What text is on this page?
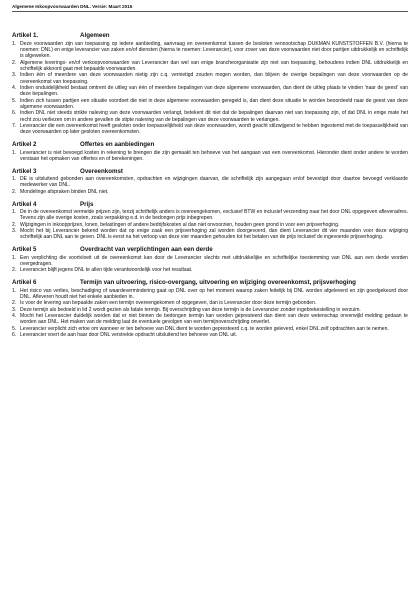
Algemene Inkoopvoorwaarden DNL. Versie: Maart 2016
Artikel 1.	Algemeen
1. Deze voorwaarden zijn van toepassing op iedere aanbieding, aanvraag en overeenkomst tussen de besloten vennootschap DUKMAN KUNSTSTOFFEN B.V. (hierna te noemen: DNL) en enige leverancier van zaken en/of diensten (hierna te noemen: Leverancier), voor zover van deze voorwaarden niet door partijen uitdrukkelijk en schriftelijk is afgeweken.
2. Algemene leverings- en/of verkoopvoorwaarden van Leverancier dan wel van enige brancheorganisatie zijn niet van toepassing, behoudens indien DNL uitdrukkelijk en schriftelijk akkoord gaat met bepaalde voorwaarden.
3. Indien één of meerdere van deze voorwaarden nietig zijn c.q. vernietigd zouden mogen worden, dan blijven de overige bepalingen van deze voorwaarden op de overeenkomst van toepassing.
4. Indien onduidelijkheid bestaat omtrent de uitleg van één of meerdere bepalingen van deze algemene voorwaarden, dan dient de uitleg plaats te vinden 'naar de geest' van deze bepalingen.
5. Indien zich tussen partijen een situatie voordoet die niet in deze algemene voorwaarden geregeld is, dan dient deze situatie te worden beoordeeld naar de geest van deze algemene voorwaarden.
6. Indien DNL niet steeds strikte naleving van deze voorwaarden verlangt, betekent dit niet dat de bepalingen daarvan niet van toepassing zijn, of dat DNL in enige mate het recht zou verliezen om in andere gevallen de stipte naleving van de bepalingen van deze voorwaarden te verlangen.
7. Leverancier die een overeenkomst heeft gesloten onder toepasselijkheid van deze voorwaarden, wordt geacht stilzwijgend te hebben ingestemd met de toepasselijkheid van deze voorwaarden op later gesloten overeenkomsten.
Artikel 2	Offertes en aanbiedingen
1. Leverancier is niet bevoegd kosten in rekening te brengen die zijn gemaakt ten behoeve van het aangaan van een overeenkomst. Hieronder dient onder andere te worden verstaan het opmaken van offertes en of berekeningen.
Artikel 3	Overeenkomst
1. DE is uitsluitend gebonden aan overeenkomsten, opdrachten en wijzigingen daarvan, die schriftelijk zijn aangegaan en/of bevestigd door daartoe bevoegd verklaarde medewerker van DNL.
2. Mondelinge afspraken binden DNL niet.
Artikel 4	Prijs
1. De in de overeenkomst vermelde prijzen zijn, tenzij schriftelijk anders is overeengekomen, exclusief BTW en inclusief verzending naar het door DNL opgegeven afleveradres. Tevens zijn alle overige kosten, zoals verpakking e.d. in de bedongen prijs inbegrepen.
2. Wijzigingen in inkoopprijzen, lonen, belastingen of andere bedrijfskosten al dan niet onvoorzien, houden geen grond in voor een prijsverhoging.
3. Mocht het bij Leverancier bekend worden dat op enige zaak een prijsverhoging zal worden doorgevoerd, dan dient Leverancier dit vier maanden voor deze wijziging schriftelijk aan DNL aan te geven. DNL is eerst na het verloop van deze vier maanden gehouden tot het betalen van de prijs inclusief de ingevoerde prijsverhoging.
Artikel 5	Overdracht van verplichtingen aan een derde
1. Een verplichting die voortvloeit uit de overeenkomst kan door de Leverancier slechts met uitdrukkelijke en schriftelijke toestemming van DNL aan een derde worden overgedragen.
2. Leverancier blijft jegens DNL te allen tijde verantwoordelijk voor het resultaat.
Artikel 6	Termijn van uitvoering, risico-overgang, uitvoering en wijziging overeenkomst, prijsverhoging
1. Het risico van verlies, beschadiging of waardevermindering gaat op DNL over op het moment waarop zaken feitelijk bij DNL worden afgeleverd en zijn goedgekeurd door DNL. Afleveren houdt niet het enkele aanbieden in.
2. Is voor de levering van bepaalde zaken een termijn overeengekomen of opgegeven, dan is Leverancier door deze termijn gebonden.
3. Deze termijn als bedoeld in lid 2 wordt gezien als fatale termijn. Bij overschrijding van deze termijn is de Leverancier zonder ingebrekestelling in verzuim.
4. Mocht het Leverancier duidelijk worden dat er niet binnen de bedongen termijn kan worden gepresteerd dan dient van deze wetenschap onverwijld melding gedaan te worden aan DNL. Het maken van de melding laat de eventuele gevolgen van een termijnoverschrijding onverlet.
5. Leverancier verplicht zich ertoe om wanneer er ten behoeve van DNL dient te worden gepresteerd c.q. te worden geleverd, enkel DNL zelf opdrachten aan te nemen.
6. Leverancier voert de aan haar door DNL verstrekte opdracht uitsluitend ten behoeve van DNL uit.
